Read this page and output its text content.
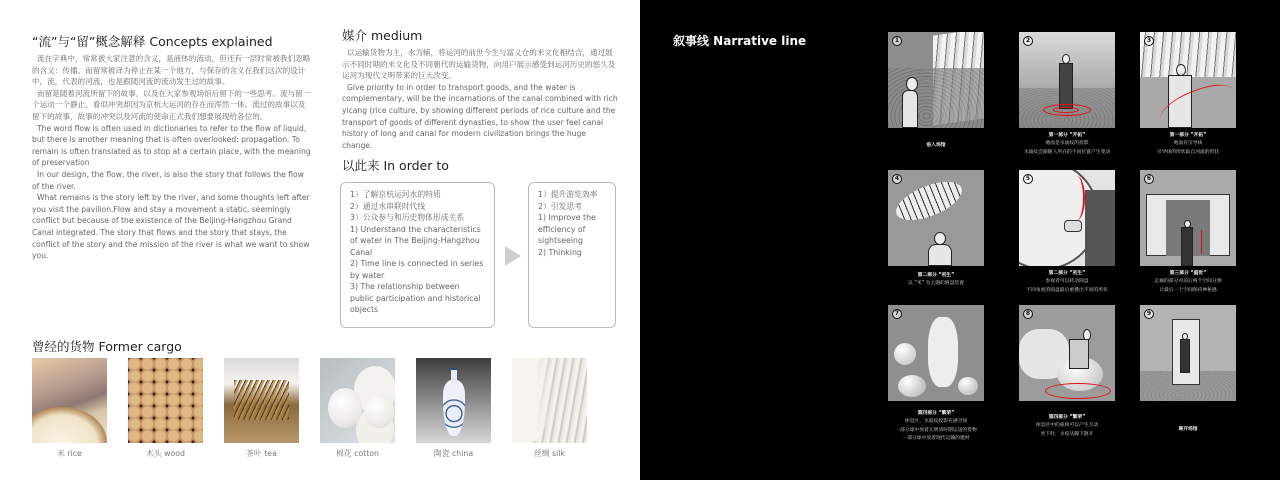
“流”与“留”概念解释 Concepts explained

流在字典中，常常被大家注意的含义，是液体的流动，但还有一层时常被我们忽略的含义：传播。而留常被译为停止在某一个地方，与保存的含义在我们这次的设计中，流，代表的河流，也是跟随河流的流动发生过的故事。

而留是随着河流所留下的故事，以及在大家参观场馆后留下的一些思考。流与留一个运动一个静止，看似冲突却因为京杭大运河的存在而浑然一体。流过的故事以及留下的故事，故事的冲突以及河流的使命正式我们想要展现给各位的。

The word flow is often used in dictionaries to refer to the flow of liquid, but there is another meaning that is often overlooked: propagation. To remain is often translated as to stop at a certain place, with the meaning of preservation

In our design, the flow, the river, is also the story that follows the flow of the river.

What remains is the story left by the river, and some thoughts left after you visit the pavilion.Flow and stay a movement a static, seemingly conflict but because of the existence of the Beijing-Hangzhou Grand Canal integrated. The story that flows and the story that stays, the conflict of the story and the mission of the river is what we want to show you.

媒介 medium

以运输货物为主，水为辅，将运河的前世今生与富义仓的米文化相结合，通过展示不同时期的米文化及不同朝代的运输货物，向用户展示感受到运河历史的悠久及运河为现代文明带来的巨大改变。

Give priority to in order to transport goods, and the water is complementary, will be the incarnations of the canal combined with rich yicang (rice culture, by showing different periods of rice culture and the transport of goods of different dynasties, to show the user feel canal history of long and canal for modern civilization brings the huge change.

以此来 In order to
1）了解京杭运河水的特质
2）通过水串联时代线
3）公众参与和历史物体形成关系
1) Understand the characteristics of water in The Beijing-Hangzhou Canal
2) Time line is connected in series by water
3) The relationship between public participation and historical objects
1）提升游览效率
2）引发思考
1) Improve the efficiency of sightseeing
2) Thinking
曾经的货物 Former cargo
米 rice	木头 wood	茶叶 tea	棉花 cotton	陶瓷 china	丝绸 silk
叙事线 Narrative line	1	2	3
进入场馆
第一部分 “开拓”
地面是水波纹的投影
水波纹会跟随人所在的不同位置产生变动
第一部分 “开拓”
地面有引导线
引导线的形状取自河流的形状
4	5	6
第二部分 “初生”
以 “米” 为主题的圆盘装置
第二部分 “初生”
参观者可以转动圆盘
不同角度的圆盘最后重叠出不同的形状
第三部分 “盛世”
走廊的部分对前后两个空间分割
让最后一个空间保持神秘感
7	8	9
第四部分 “繁荣”
休息区，水波纹投影充满空间
一部分球中放着元明清时期运送的货物
一部分球中放着现代运输的建材
第四部分 “繁荣”
休息区中的座椅可以产生互动
坐下时，水纹从脚下散开
离开场馆
